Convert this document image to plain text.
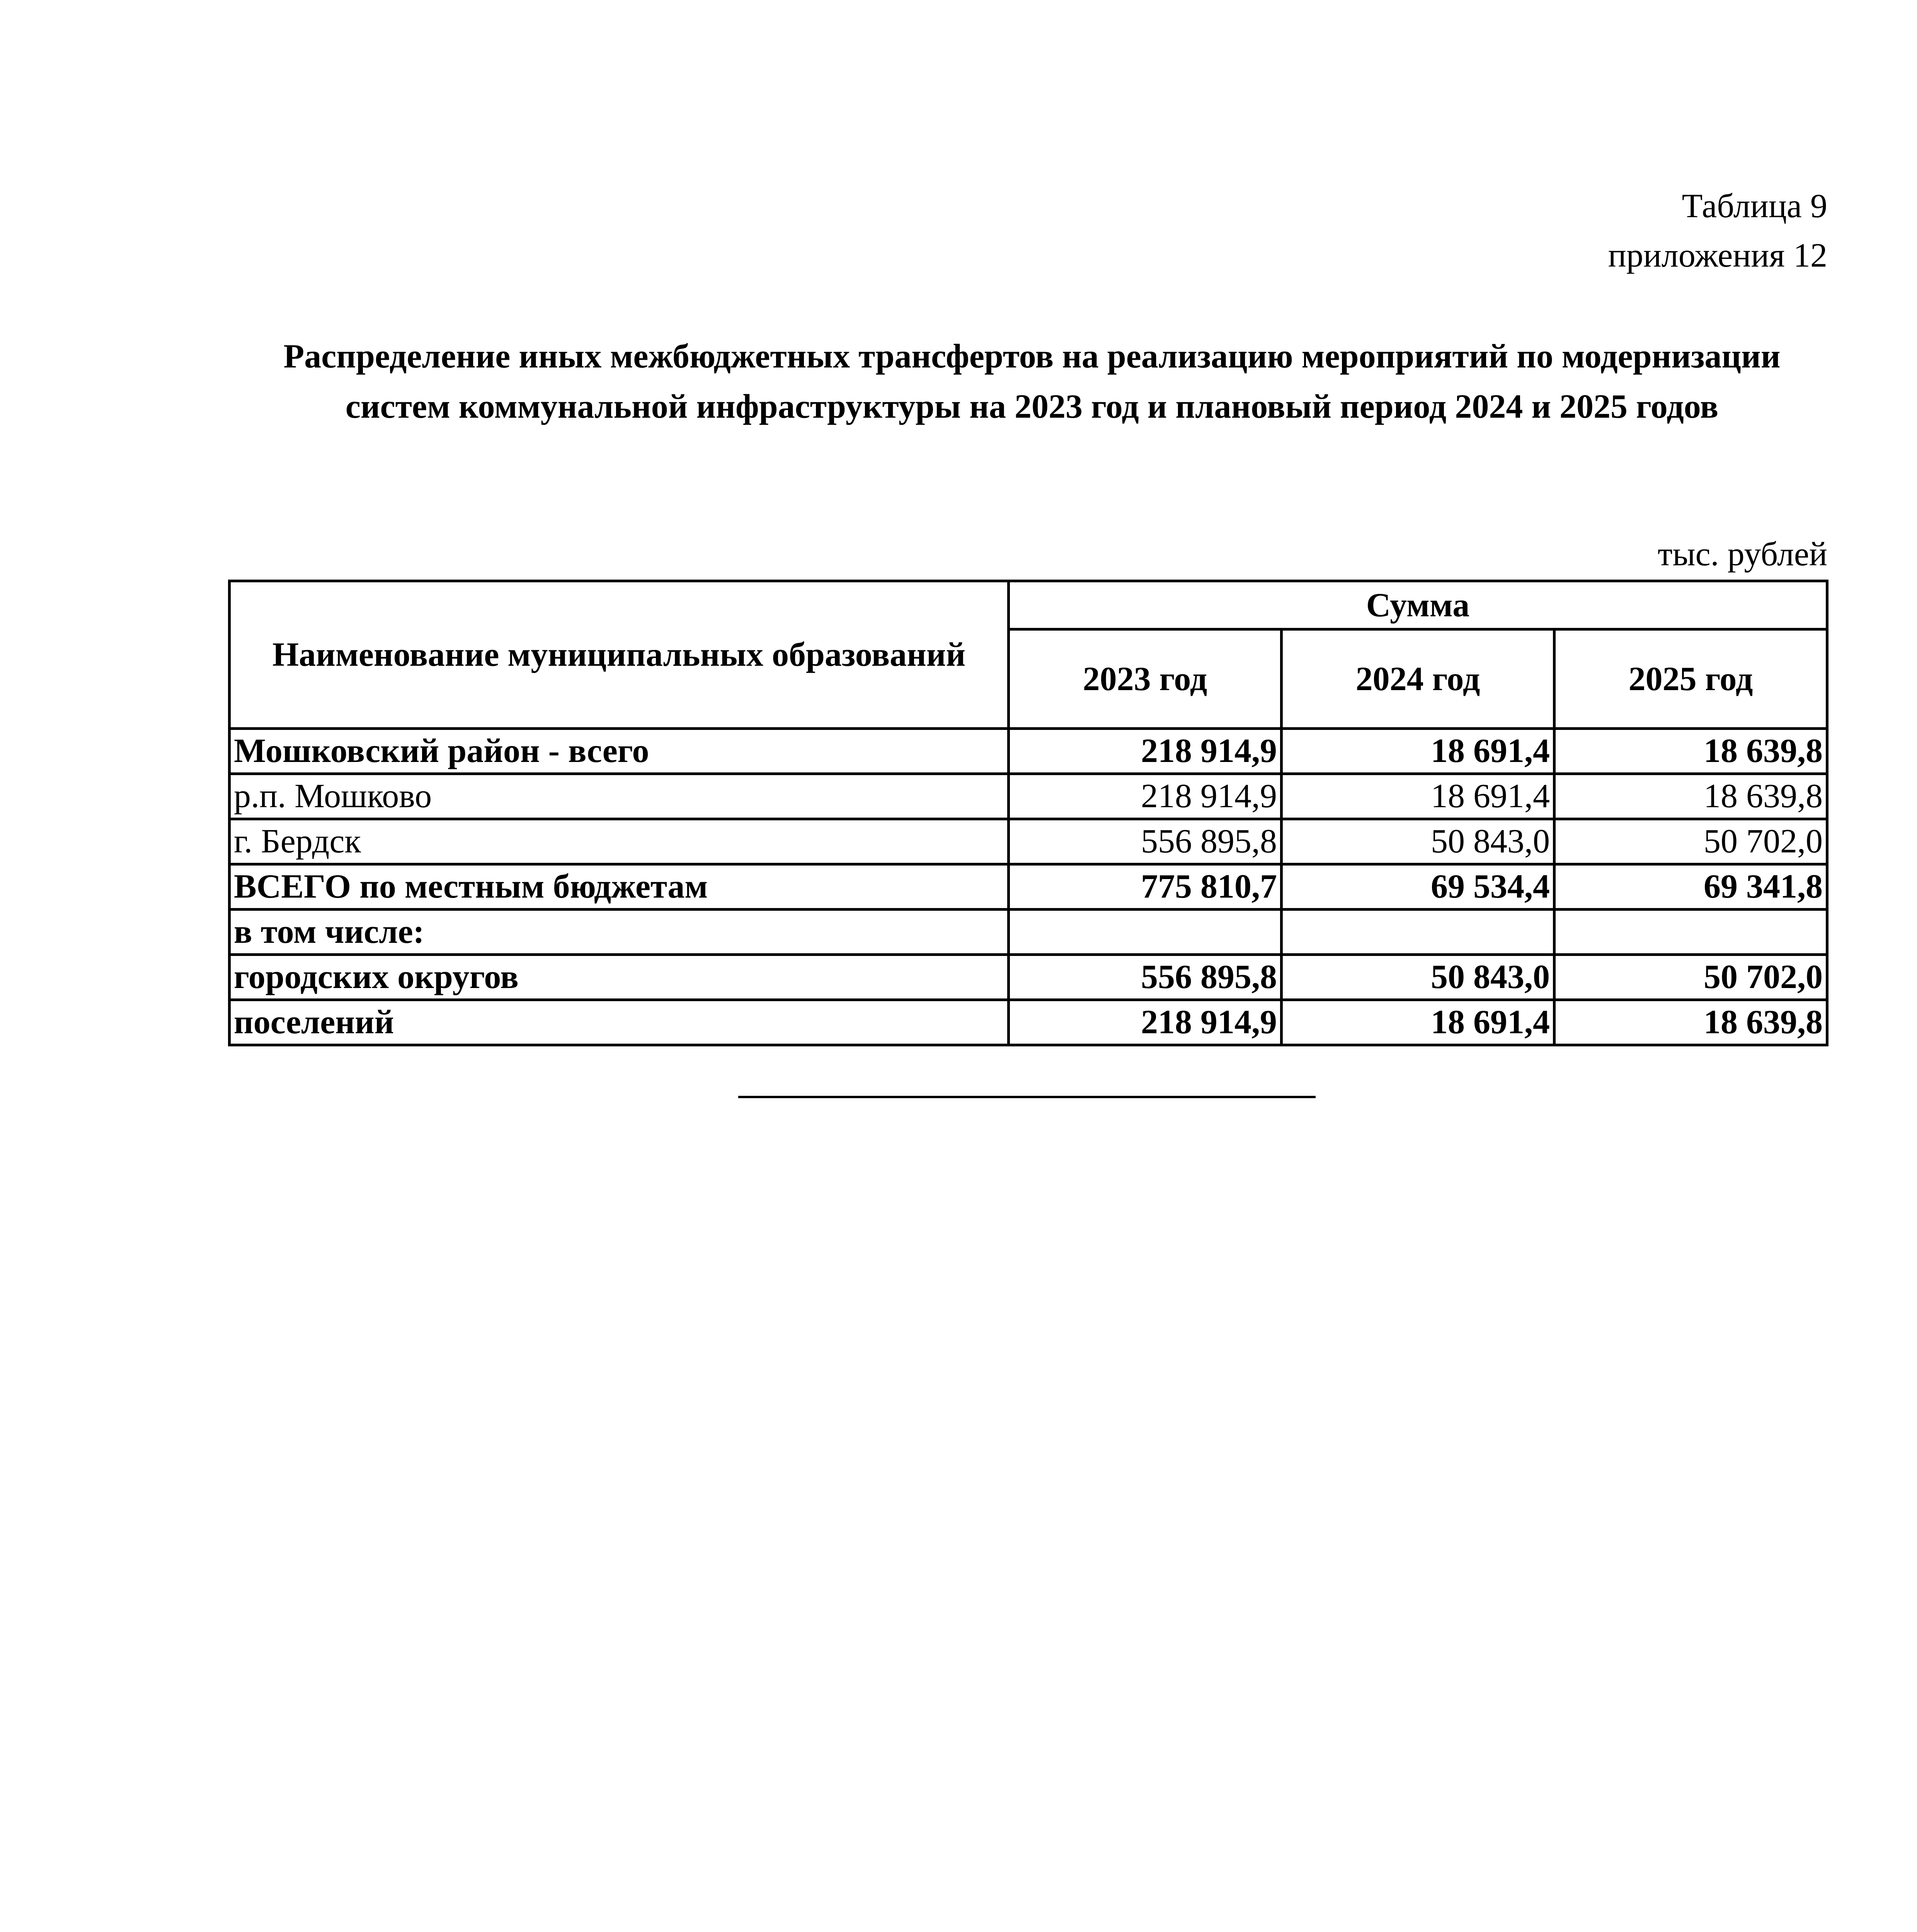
Таблица 9
приложения 12
Распределение иных межбюджетных трансфертов на реализацию мероприятий по модернизации систем коммунальной инфраструктуры на 2023 год и плановый период 2024 и 2025 годов
тыс. рублей
Наименование муниципальных образований	Сумма		
	2023 год	2024 год	2025 год
Мошковский район - всего	218 914,9	18 691,4	18 639,8
р.п. Мошково	218 914,9	18 691,4	18 639,8
г. Бердск	556 895,8	50 843,0	50 702,0
ВСЕГО по местным бюджетам	775 810,7	69 534,4	69 341,8
в том числе:			
городских округов	556 895,8	50 843,0	50 702,0
поселений	218 914,9	18 691,4	18 639,8
